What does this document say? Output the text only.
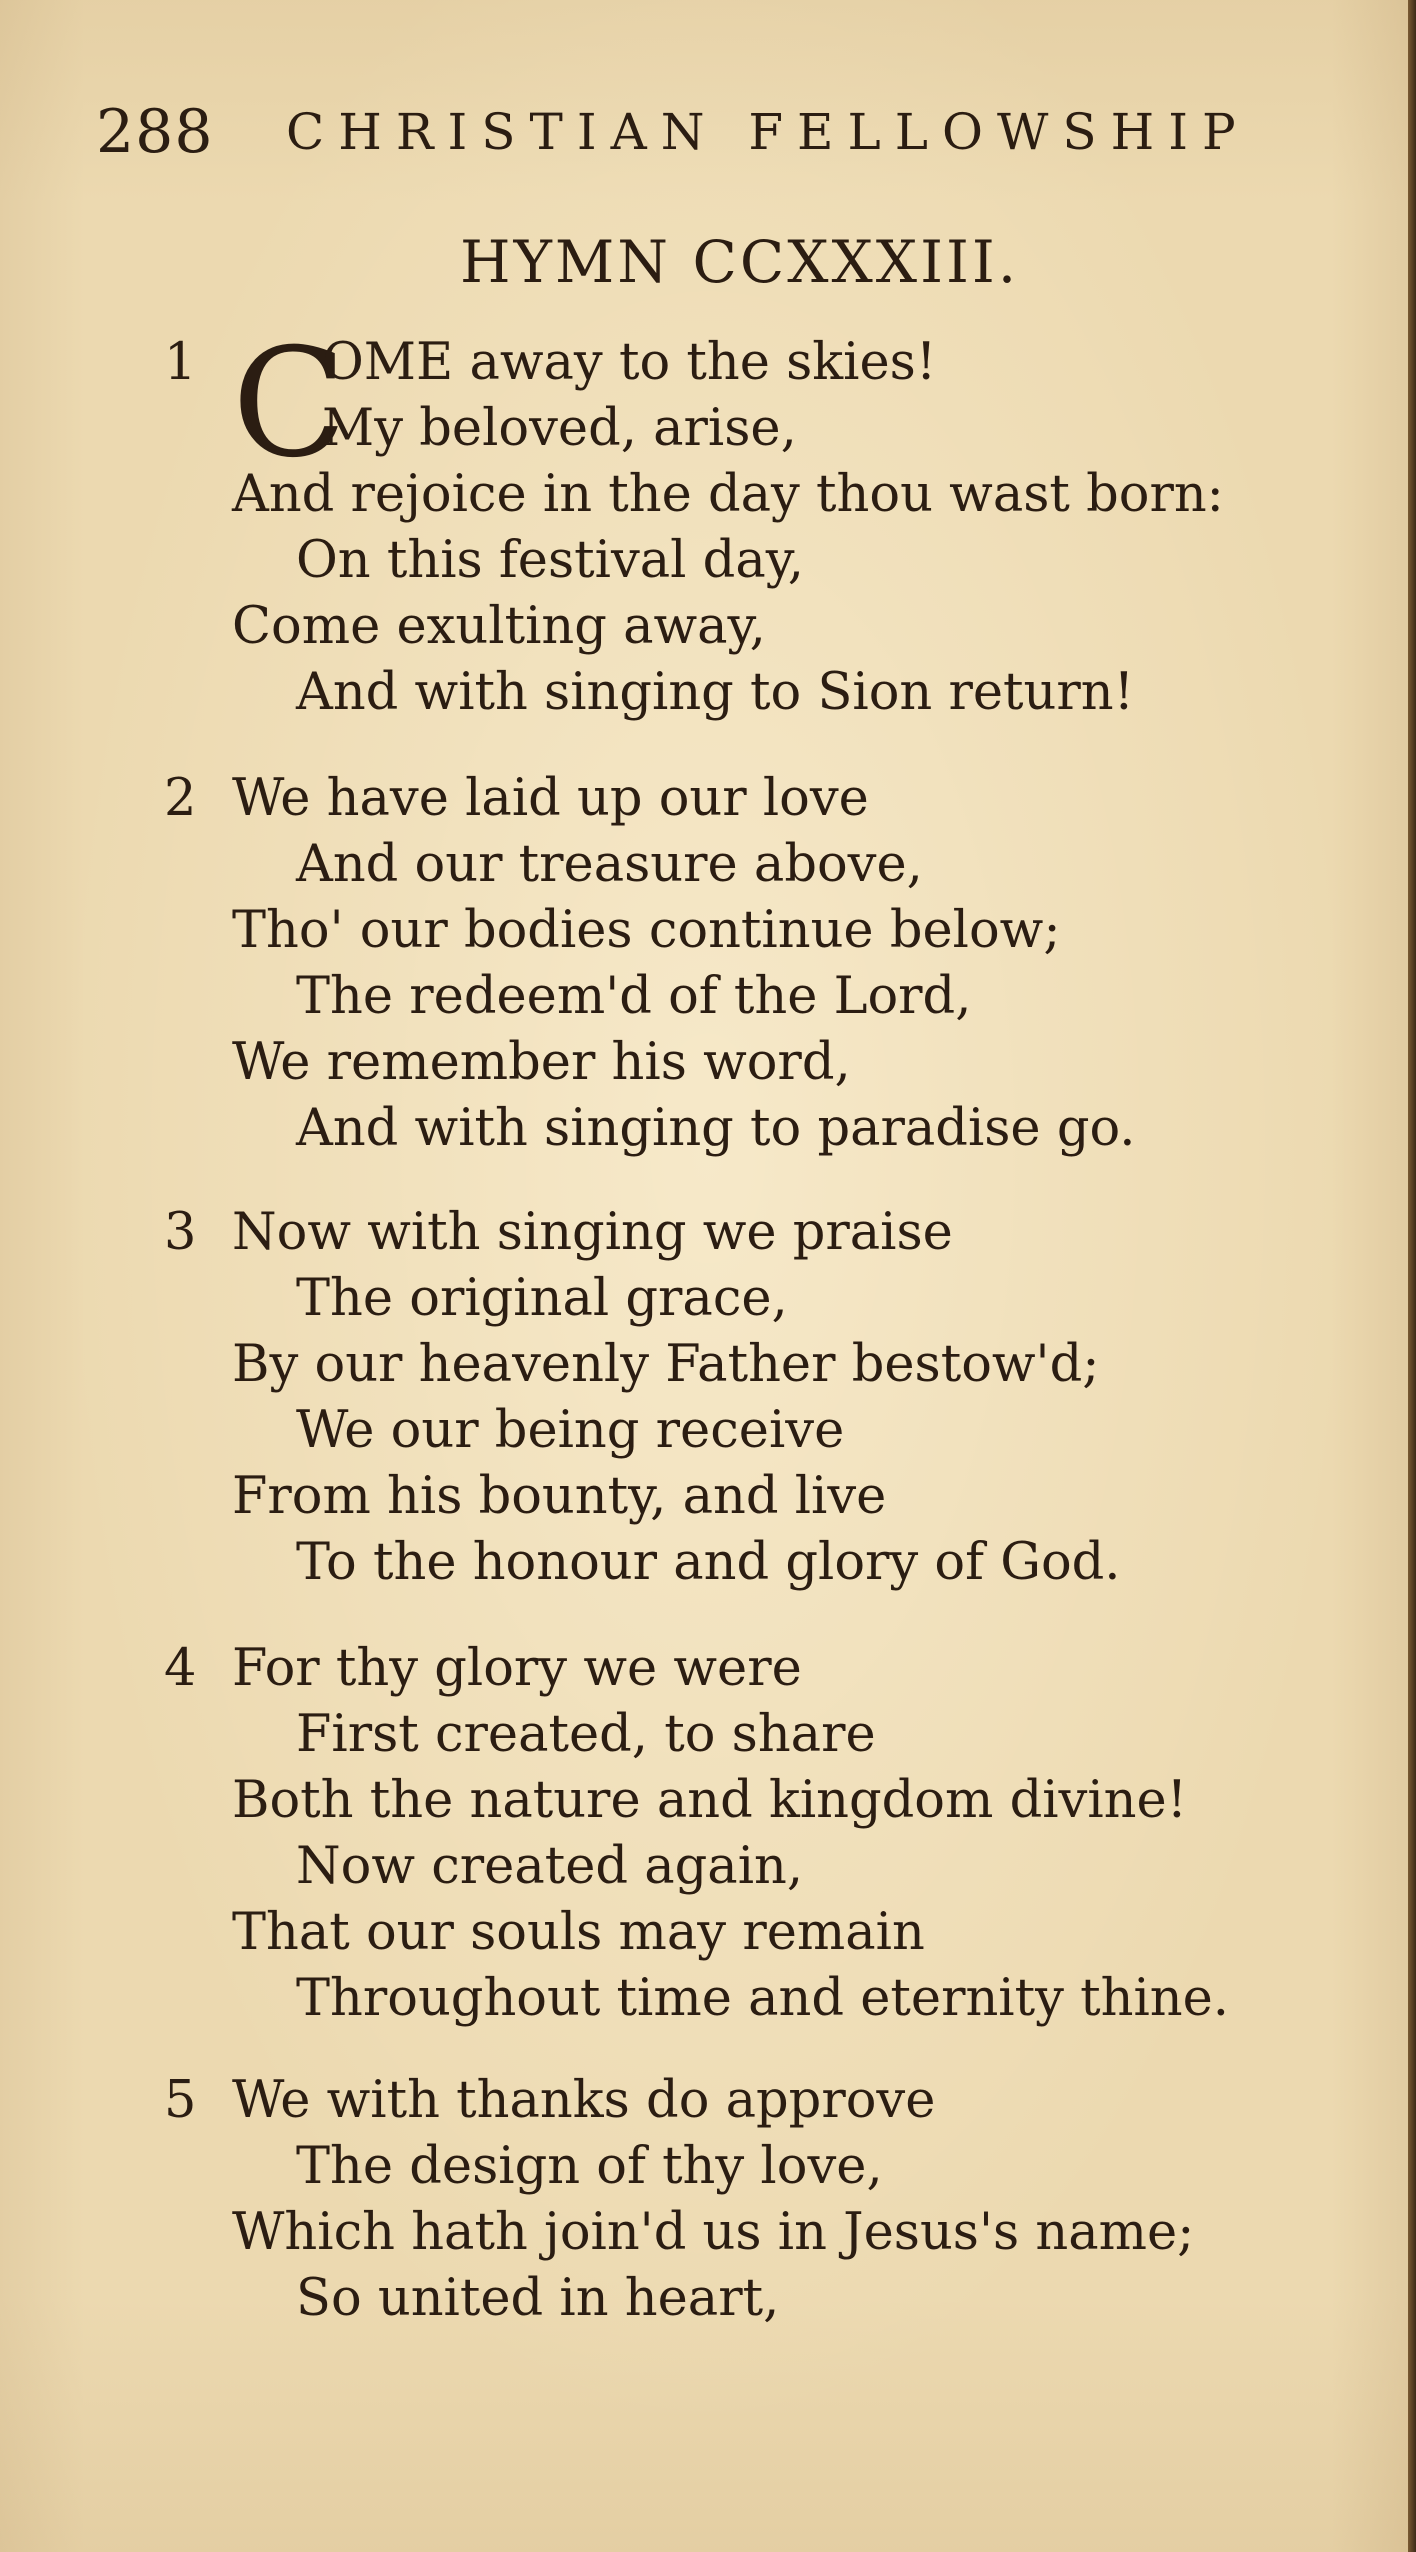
288 CHRISTIAN FELLOWSHIP
HYMN CCXXXIII.
1 C
OME away to the skies!
My beloved, arise,
And rejoice in the day thou wast born:
On this festival day,
Come exulting away,
And with singing to Sion return!
2 We have laid up our love
And our treasure above,
Tho' our bodies continue below;
The redeem'd of the Lord,
We remember his word,
And with singing to paradise go.
3 Now with singing we praise
The original grace,
By our heavenly Father bestow'd;
We our being receive
From his bounty, and live
To the honour and glory of God.
4 For thy glory we were
First created, to share
Both the nature and kingdom divine!
Now created again,
That our souls may remain
Throughout time and eternity thine.
5 We with thanks do approve
The design of thy love,
Which hath join'd us in Jesus's name;
So united in heart,
